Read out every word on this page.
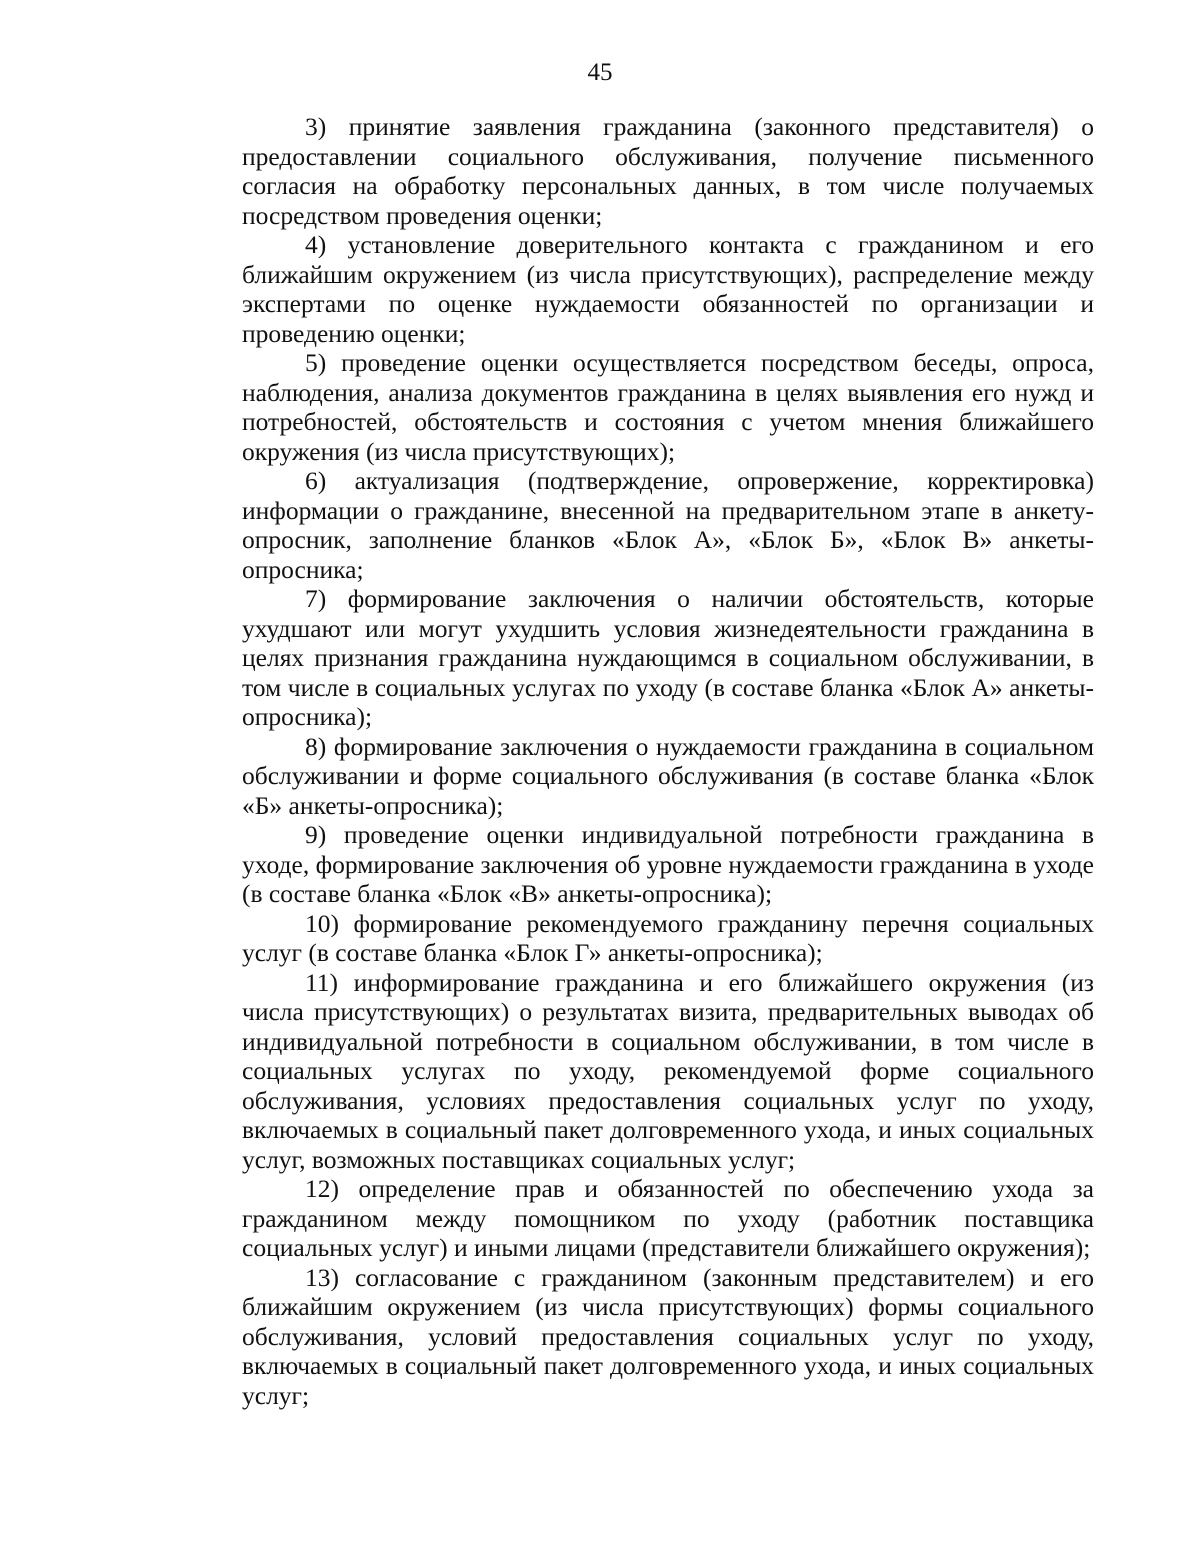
45

3) принятие заявления гражданина (законного представителя) о предоставлении социального обслуживания, получение письменного согласия на обработку персональных данных, в том числе получаемых посредством проведения оценки;

4) установление доверительного контакта с гражданином и его ближайшим окружением (из числа присутствующих), распределение между экспертами по оценке нуждаемости обязанностей по организации и проведению оценки;

5) проведение оценки осуществляется посредством беседы, опроса, наблюдения, анализа документов гражданина в целях выявления его нужд и потребностей, обстоятельств и состояния с учетом мнения ближайшего окружения (из числа присутствующих);

6) актуализация (подтверждение, опровержение, корректировка) информации о гражданине, внесенной на предварительном этапе в анкету-опросник, заполнение бланков «Блок А», «Блок Б», «Блок В» анкеты-опросника;

7) формирование заключения о наличии обстоятельств, которые ухудшают или могут ухудшить условия жизнедеятельности гражданина в целях признания гражданина нуждающимся в социальном обслуживании, в том числе в социальных услугах по уходу (в составе бланка «Блок А» анкеты-опросника);

8) формирование заключения о нуждаемости гражданина в социальном обслуживании и форме социального обслуживания (в составе бланка «Блок «Б» анкеты-опросника);

9) проведение оценки индивидуальной потребности гражданина в уходе, формирование заключения об уровне нуждаемости гражданина в уходе (в составе бланка «Блок «В» анкеты-опросника);

10) формирование рекомендуемого гражданину перечня социальных услуг (в составе бланка «Блок Г» анкеты-опросника);

11) информирование гражданина и его ближайшего окружения (из числа присутствующих) о результатах визита, предварительных выводах об индивидуальной потребности в социальном обслуживании, в том числе в социальных услугах по уходу, рекомендуемой форме социального обслуживания, условиях предоставления социальных услуг по уходу, включаемых в социальный пакет долговременного ухода, и иных социальных услуг, возможных поставщиках социальных услуг;

12) определение прав и обязанностей по обеспечению ухода за гражданином между помощником по уходу (работник поставщика социальных услуг) и иными лицами (представители ближайшего окружения);

13) согласование с гражданином (законным представителем) и его ближайшим окружением (из числа присутствующих) формы социального обслуживания, условий предоставления социальных услуг по уходу, включаемых в социальный пакет долговременного ухода, и иных социальных услуг;
